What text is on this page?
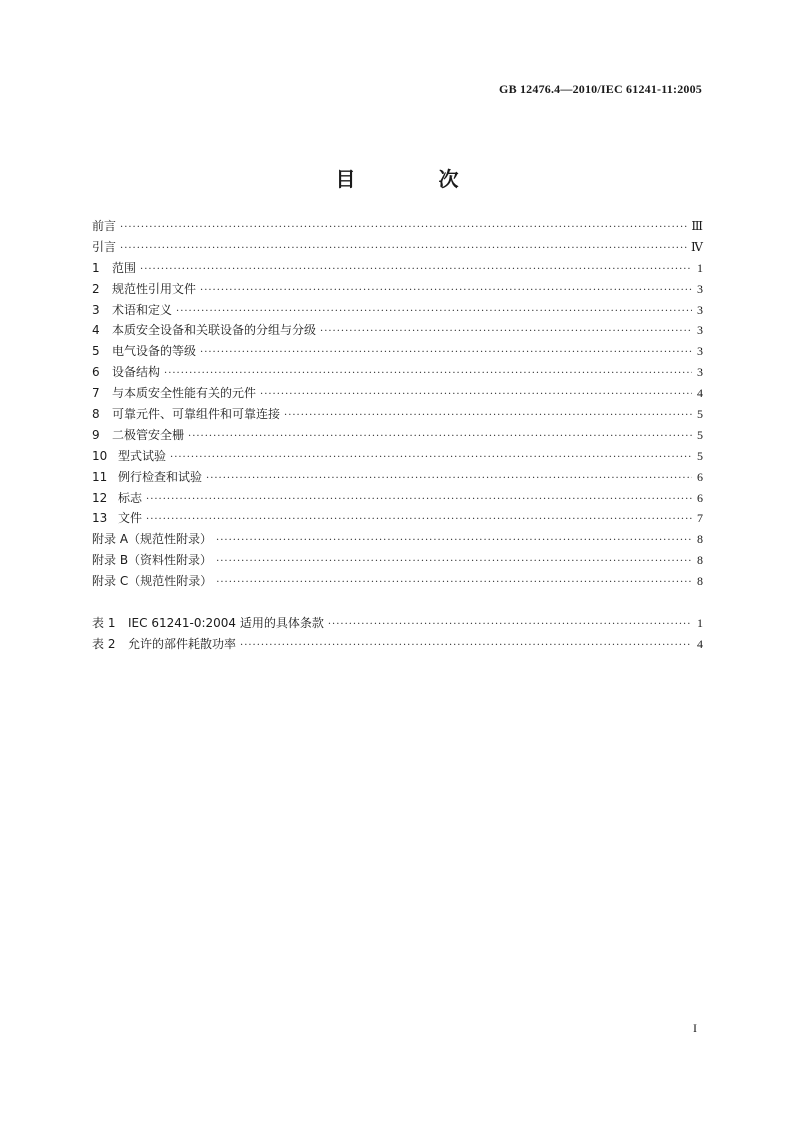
GB 12476.4—2010/IEC 61241-11:2005
目 次
前言 ·····	Ⅲ
引言 ·····	Ⅳ
1	范围 ·····	1
2	规范性引用文件 ·····	3
3	术语和定义 ·····	3
4	本质安全设备和关联设备的分组与分级 ·····	3
5	电气设备的等级 ·····	3
6	设备结构 ·····	3
7	与本质安全性能有关的元件 ·····	4
8	可靠元件、可靠组件和可靠连接 ·····	5
9	二极管安全栅 ·····	5
10 型式试验 ·····	5
11 例行检查和试验 ·····	6
12 标志 ·····	6
13 文件 ·····	7
附录 A（规范性附录） ·····	8
附录 B（资料性附录） ·····	8
附录 C（规范性附录） ·····	8
表 1	IEC 61241-0:2004 适用的具体条款 ·····	1
表 2	允许的部件耗散功率 ·····	4
I
